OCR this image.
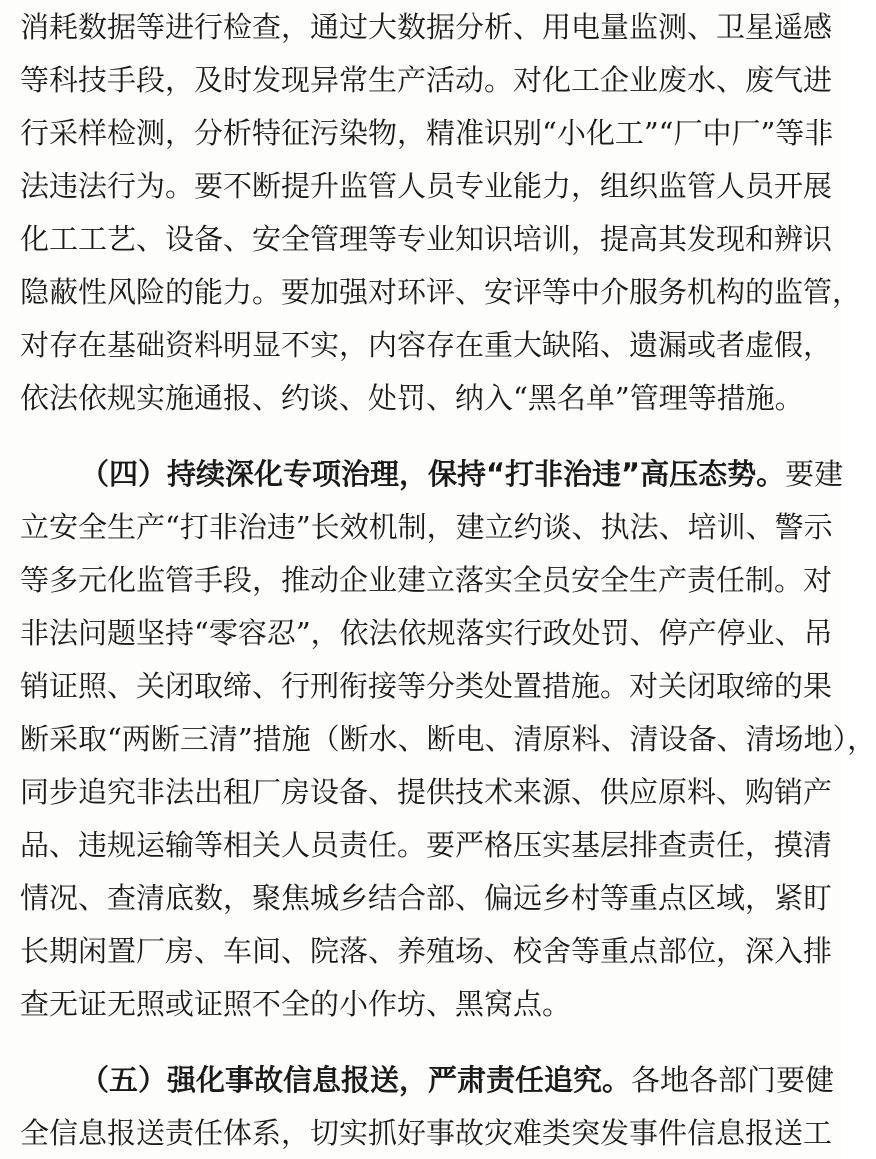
消耗数据等进行检查，通过大数据分析、用电量监测、卫星遥感
等科技手段，及时发现异常生产活动。对化工企业废水、废气进
行采样检测，分析特征污染物，精准识别“小化工”“厂中厂”等非
法违法行为。要不断提升监管人员专业能力，组织监管人员开展
化工工艺、设备、安全管理等专业知识培训，提高其发现和辨识
隐蔽性风险的能力。要加强对环评、安评等中介服务机构的监管，
对存在基础资料明显不实，内容存在重大缺陷、遗漏或者虚假，
依法依规实施通报、约谈、处罚、纳入“黑名单”管理等措施。
（四）持续深化专项治理，保持“打非治违”高压态势。要建
立安全生产“打非治违”长效机制，建立约谈、执法、培训、警示
等多元化监管手段，推动企业建立落实全员安全生产责任制。对
非法问题坚持“零容忍”，依法依规落实行政处罚、停产停业、吊
销证照、关闭取缔、行刑衔接等分类处置措施。对关闭取缔的果
断采取“两断三清”措施（断水、断电、清原料、清设备、清场地），
同步追究非法出租厂房设备、提供技术来源、供应原料、购销产
品、违规运输等相关人员责任。要严格压实基层排查责任，摸清
情况、查清底数，聚焦城乡结合部、偏远乡村等重点区域，紧盯
长期闲置厂房、车间、院落、养殖场、校舍等重点部位，深入排
查无证无照或证照不全的小作坊、黑窝点。
（五）强化事故信息报送，严肃责任追究。各地各部门要健
全信息报送责任体系，切实抓好事故灾难类突发事件信息报送工
